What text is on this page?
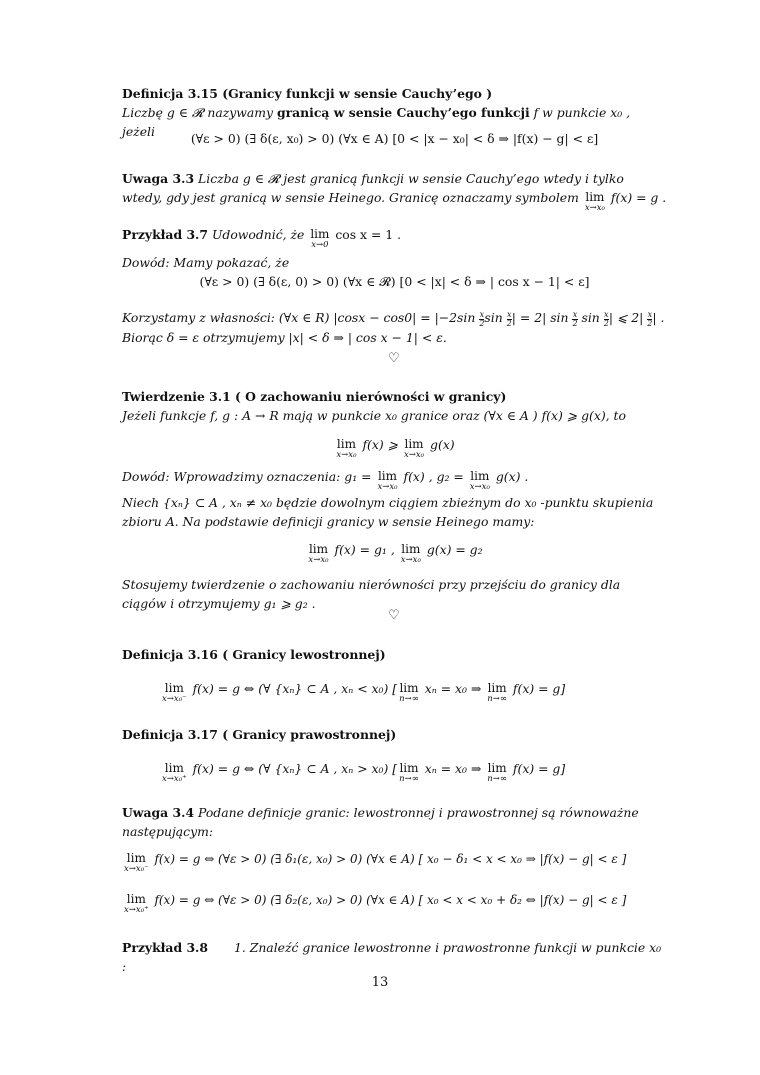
Definicja 3.15 (Granicy funkcji w sensie Cauchy’ego )
Liczbę g ∈ 𝓡 nazywamy granicą w sensie Cauchy’ego funkcji f w punkcie x₀ , jeżeli	(∀ε > 0) (∃ δ(ε, x₀) > 0) (∀x ∈ A) [0 < |x − x₀| < δ ⇒ |f(x) − g| < ε]
Uwaga 3.3 Liczba g ∈ 𝓡 jest granicą funkcji w sensie Cauchy’ego wtedy i tylko wtedy, gdy jest granicą w sensie Heinego. Granicę oznaczamy symbolem lim
x→x₀
f(x) = g .
Przykład 3.7 Udowodnić, że lim
x→0
cos x = 1 .
Dowód: Mamy pokazać, że
(∀ε > 0) (∃ δ(ε, 0) > 0) (∀x ∈ 𝓡) [0 < |x| < δ ⇒ | cos x − 1| < ε]
Korzystamy z własności: (∀x ∈ R) $|\cos x - \cos 0| = |-2\sin \frac{x}{2}$ $\sin \frac{x}{2}$ | = 2| $\sin \frac{x}{2}$ $\sin \frac{x}{2}$ | ⩽ $2| \frac{x}{2}$ | .
Biorąc δ = ε otrzymujemy |x| < δ ⇒ | cos x − 1| < ε.
♡
Twierdzenie 3.1 ( O zachowaniu nierówności w granicy)
Jeżeli funkcje f, g : A → R mają w punkcie x₀ granice oraz (∀x ∈ A ) f(x) ⩾ g(x), to
lim
x→x₀
f(x) ⩾ lim
x→x₀
g(x)
Dowód: Wprowadzimy oznaczenia: g₁ = lim
x→x₀
f(x) , g₂ = lim
x→x₀
g(x) .
Niech {xₙ} ⊂ A , xₙ ≠ x₀ będzie dowolnym ciągiem zbieżnym do x₀ -punktu skupienia zbioru A. Na podstawie definicji granicy w sensie Heinego mamy:
lim
x→x₀
f(x) = g₁ , lim
x→x₀
g(x) = g₂
Stosujemy twierdzenie o zachowaniu nierówności przy przejściu do granicy dla ciągów i otrzymujemy g₁ ⩾ g₂ .
♡
Definicja 3.16 ( Granicy lewostronnej)
lim
x→x₀⁻
f(x) = g ⇔ (∀ {xₙ} ⊂ A , xₙ < x₀) [ lim
n→∞
xₙ = x₀ ⇒ lim
n→∞
f(x) = g]
Definicja 3.17 ( Granicy prawostronnej)
lim
x→x₀⁺
f(x) = g ⇔ (∀ {xₙ} ⊂ A , xₙ > x₀) [ lim
n→∞
xₙ = x₀ ⇒ lim
n→∞
f(x) = g]
Uwaga 3.4 Podane definicje granic: lewostronnej i prawostronnej są równoważne następującym:
lim
x→x₀⁻
f(x) = g ⇔ (∀ε > 0) (∃ δ₁(ε, x₀) > 0) (∀x ∈ A) [ x₀ − δ₁ < x < x₀ ⇒ |f(x) − g| < ε ]
lim
x→x₀⁺
f(x) = g ⇔ (∀ε > 0) (∃ δ₂(ε, x₀) > 0) (∀x ∈ A) [ x₀ < x < x₀ + δ₂ ⇔ |f(x) − g| < ε ]
Przykład 3.8 1. Znaleźć granice lewostronne i prawostronne funkcji w punkcie x₀ :
13
